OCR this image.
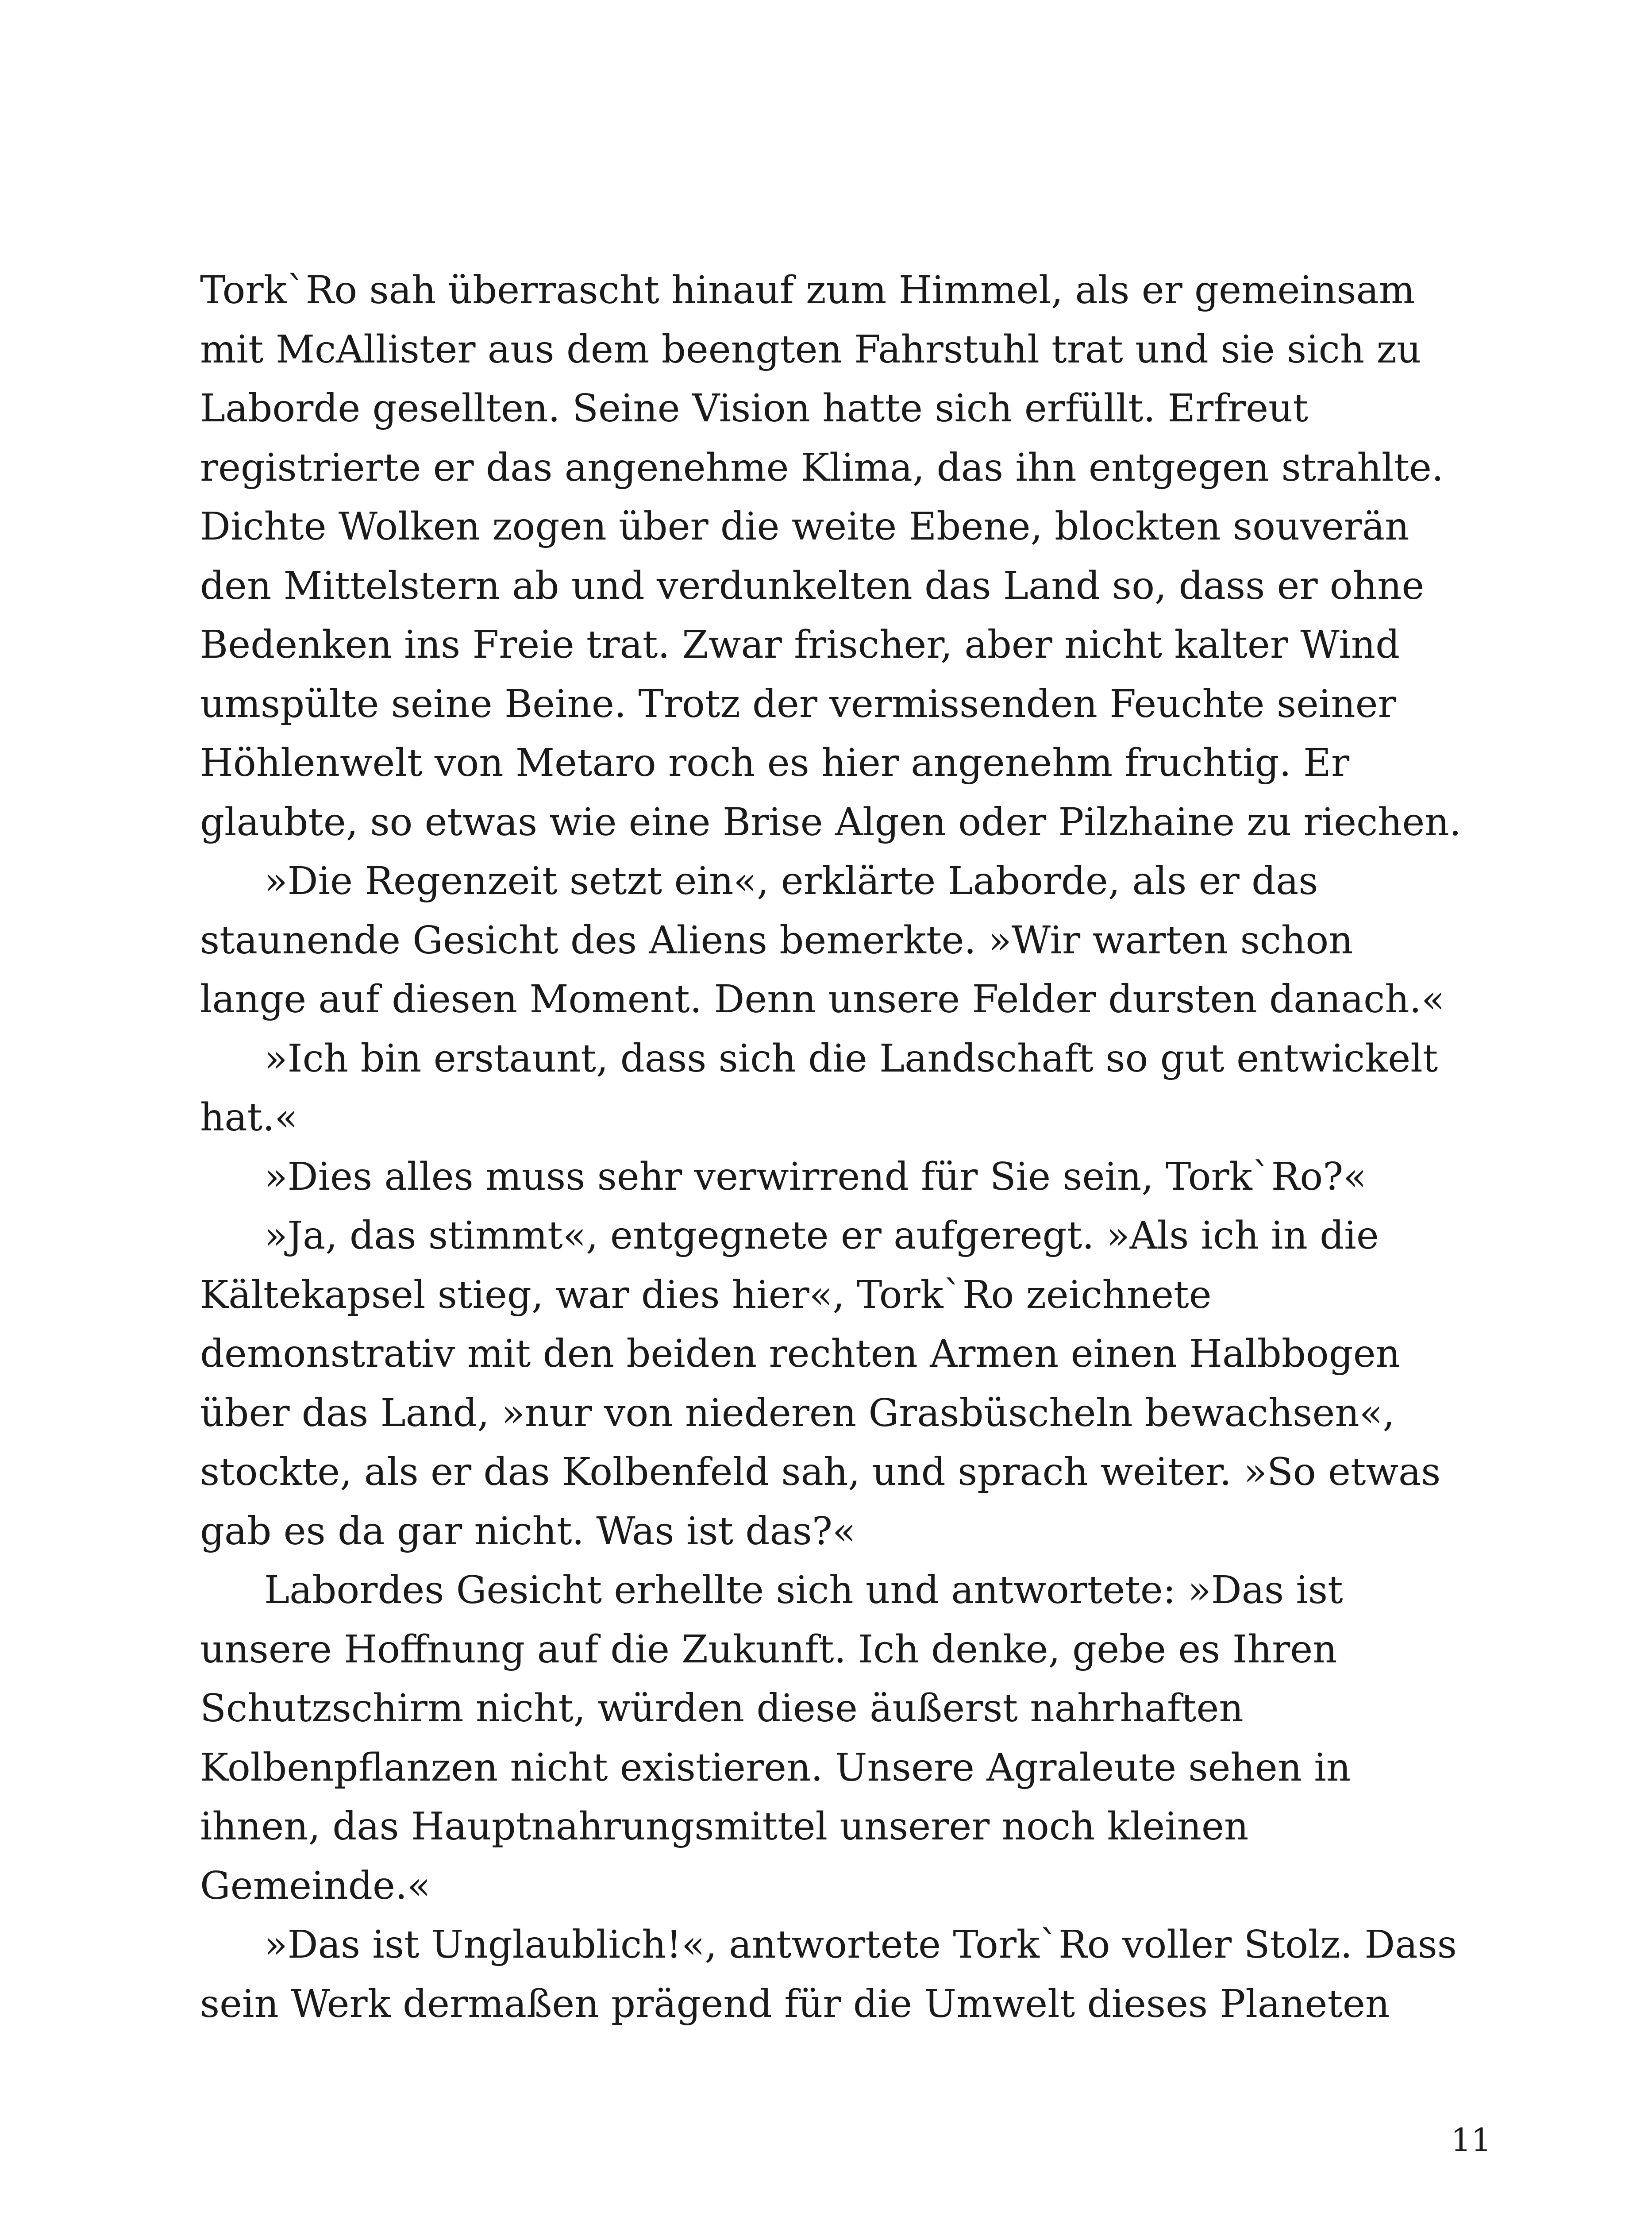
Tork`Ro sah überrascht hinauf zum Himmel, als er gemeinsam
mit McAllister aus dem beengten Fahrstuhl trat und sie sich zu
Laborde gesellten. Seine Vision hatte sich erfüllt. Erfreut
registrierte er das angenehme Klima, das ihn entgegen strahlte.
Dichte Wolken zogen über die weite Ebene, blockten souverän
den Mittelstern ab und verdunkelten das Land so, dass er ohne
Bedenken ins Freie trat. Zwar frischer, aber nicht kalter Wind
umspülte seine Beine. Trotz der vermissenden Feuchte seiner
Höhlenwelt von Metaro roch es hier angenehm fruchtig. Er
glaubte, so etwas wie eine Brise Algen oder Pilzhaine zu riechen.
»Die Regenzeit setzt ein«, erklärte Laborde, als er das
staunende Gesicht des Aliens bemerkte. »Wir warten schon
lange auf diesen Moment. Denn unsere Felder dursten danach.«
»Ich bin erstaunt, dass sich die Landschaft so gut entwickelt
hat.«
»Dies alles muss sehr verwirrend für Sie sein, Tork`Ro?«
»Ja, das stimmt«, entgegnete er aufgeregt. »Als ich in die
Kältekapsel stieg, war dies hier«, Tork`Ro zeichnete
demonstrativ mit den beiden rechten Armen einen Halbbogen
über das Land, »nur von niederen Grasbüscheln bewachsen«,
stockte, als er das Kolbenfeld sah, und sprach weiter. »So etwas
gab es da gar nicht. Was ist das?«
Labordes Gesicht erhellte sich und antwortete: »Das ist
unsere Hoffnung auf die Zukunft. Ich denke, gebe es Ihren
Schutzschirm nicht, würden diese äußerst nahrhaften
Kolbenpflanzen nicht existieren. Unsere Agraleute sehen in
ihnen, das Hauptnahrungsmittel unserer noch kleinen
Gemeinde.«
»Das ist Unglaublich!«, antwortete Tork`Ro voller Stolz. Dass
sein Werk dermaßen prägend für die Umwelt dieses Planeten
11
